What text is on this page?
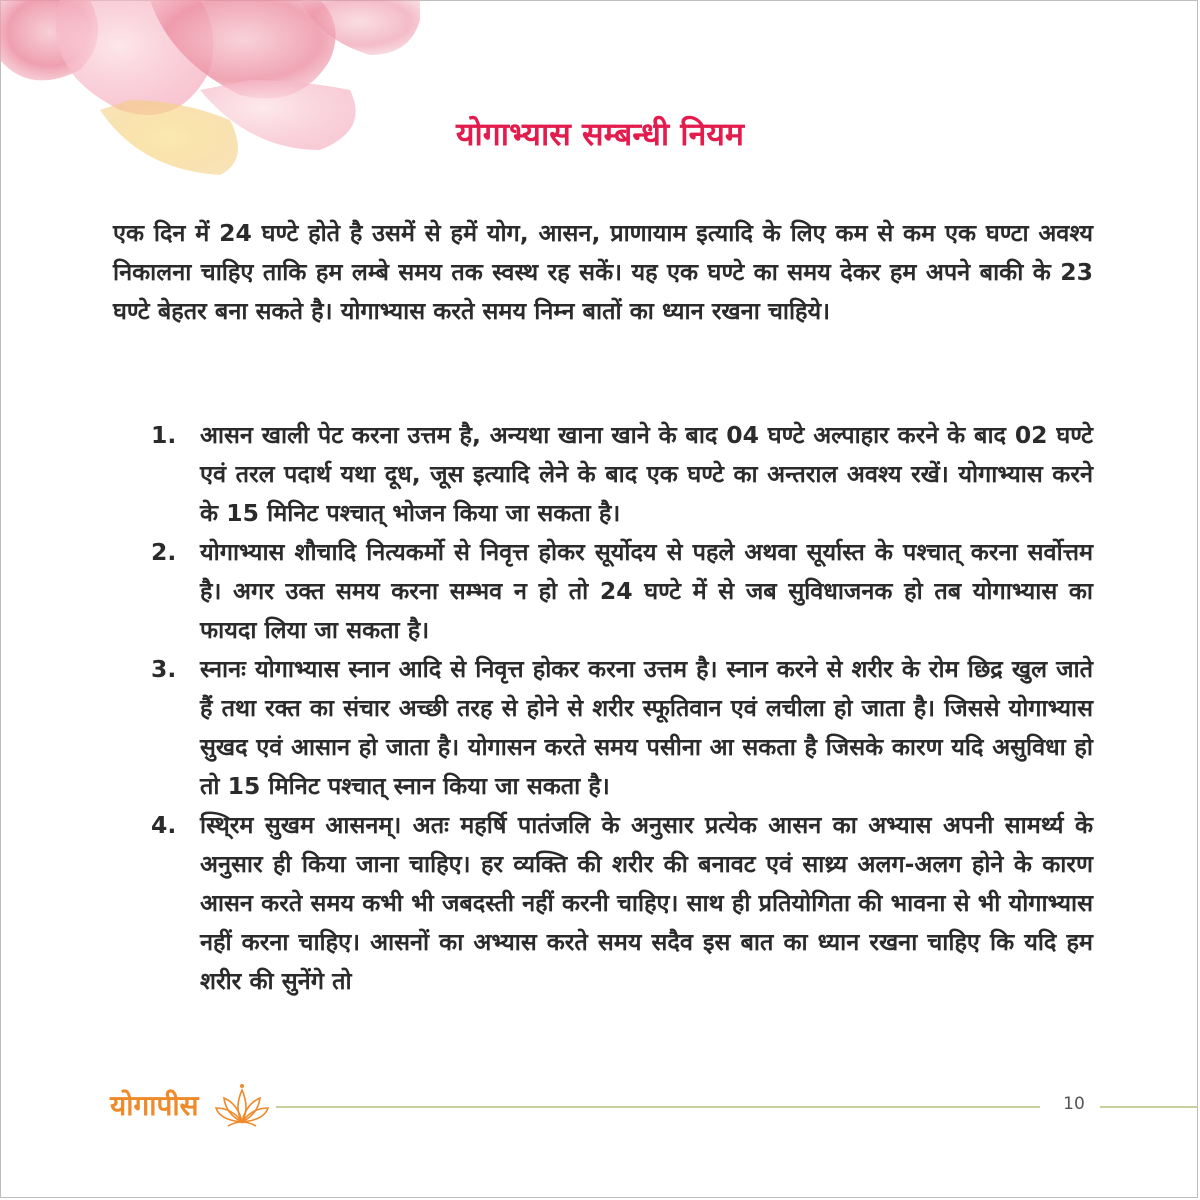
योगाभ्यास सम्बन्धी नियम

एक दिन में 24 घण्टे होते है उसमें से हमें योग, आसन, प्राणायाम इत्यादि के लिए कम से कम एक घण्टा अवश्य निकालना चाहिए ताकि हम लम्बे समय तक स्वस्थ रह सकें। यह एक घण्टे का समय देकर हम अपने बाकी के 23 घण्टे बेहतर बना सकते है। योगाभ्यास करते समय निम्न बातों का ध्यान रखना चाहिये।

1. आसन खाली पेट करना उत्तम है, अन्यथा खाना खाने के बाद 04 घण्टे अल्पाहार करने के बाद 02 घण्टे एवं तरल पदार्थ यथा दूध, जूस इत्यादि लेने के बाद एक घण्टे का अन्तराल अवश्य रखें। योगाभ्यास करने के 15 मिनिट पश्चात् भोजन किया जा सकता है।
2. योगाभ्यास शौचादि नित्यकर्मो से निवृत्त होकर सूर्योदय से पहले अथवा सूर्यास्त के पश्चात् करना सर्वोत्तम है। अगर उक्त समय करना सम्भव न हो तो 24 घण्टे में से जब सुविधाजनक हो तब योगाभ्यास का फायदा लिया जा सकता है।
3. स्नानः योगाभ्यास स्नान आदि से निवृत्त होकर करना उत्तम है। स्नान करने से शरीर के रोम छिद्र खुल जाते हैं तथा रक्त का संचार अच्छी तरह से होने से शरीर स्फूतिवान एवं लचीला हो जाता है। जिससे योगाभ्यास सुखद एवं आसान हो जाता है। योगासन करते समय पसीना आ सकता है जिसके कारण यदि असुविधा हो तो 15 मिनिट पश्चात् स्नान किया जा सकता है।
4. स्थि्रम सुखम आसनम्। अतः महर्षि पातंजलि के अनुसार प्रत्येक आसन का अभ्यास अपनी सामर्थ्य के अनुसार ही किया जाना चाहिए। हर व्यक्ति की शरीर की बनावट एवं साथ्र्य अलग-अलग होने के कारण आसन करते समय कभी भी जबदस्ती नहीं करनी चाहिए। साथ ही प्रतियोगिता की भावना से भी योगाभ्यास नहीं करना चाहिए। आसनों का अभ्यास करते समय सदैव इस बात का ध्यान रखना चाहिए कि यदि हम शरीर की सुनेंगे तो
योगापीस	10
